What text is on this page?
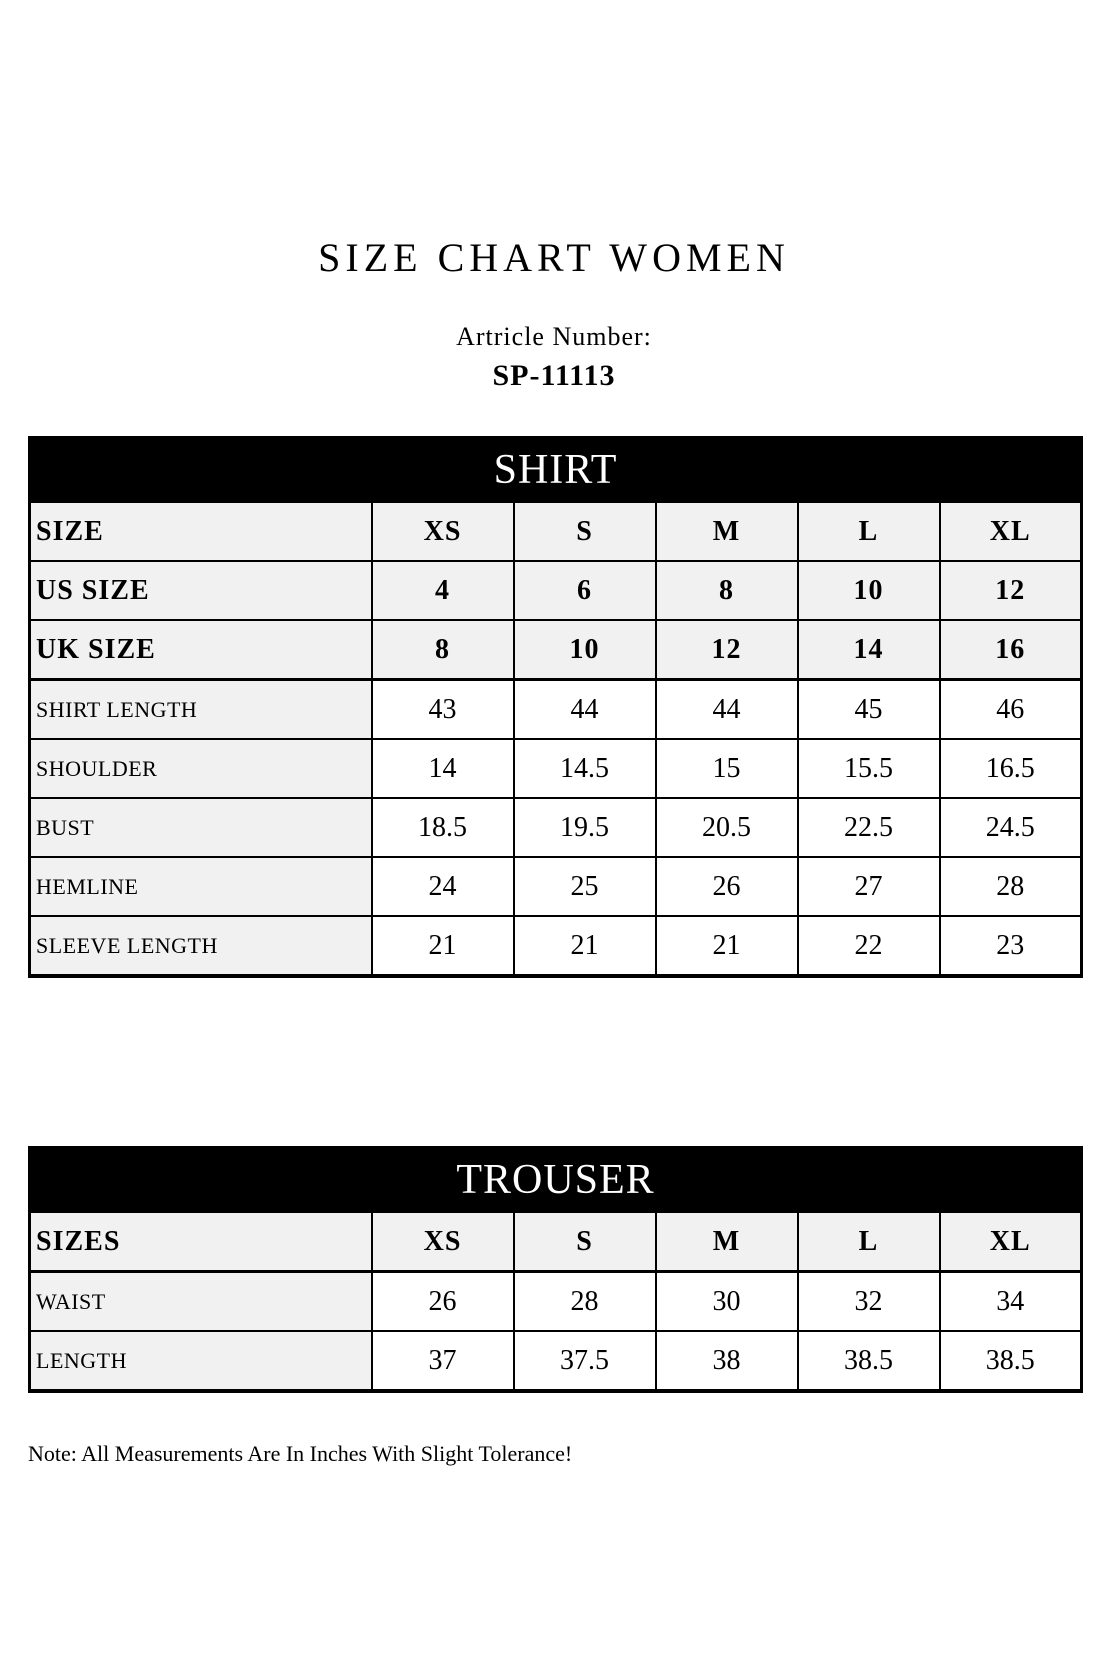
SIZE CHART WOMEN
Artricle Number:
SP-11113
SHIRT					
SIZE	XS	S	M	L	XL
US SIZE	4	6	8	10	12
UK SIZE	8	10	12	14	16
SHIRT LENGTH	43	44	44	45	46
SHOULDER	14	14.5	15	15.5	16.5
BUST	18.5	19.5	20.5	22.5	24.5
HEMLINE	24	25	26	27	28
SLEEVE LENGTH	21	21	21	22	23
TROUSER					
SIZES	XS	S	M	L	XL
WAIST	26	28	30	32	34
LENGTH	37	37.5	38	38.5	38.5
Note: All Measurements Are In Inches With Slight Tolerance!
